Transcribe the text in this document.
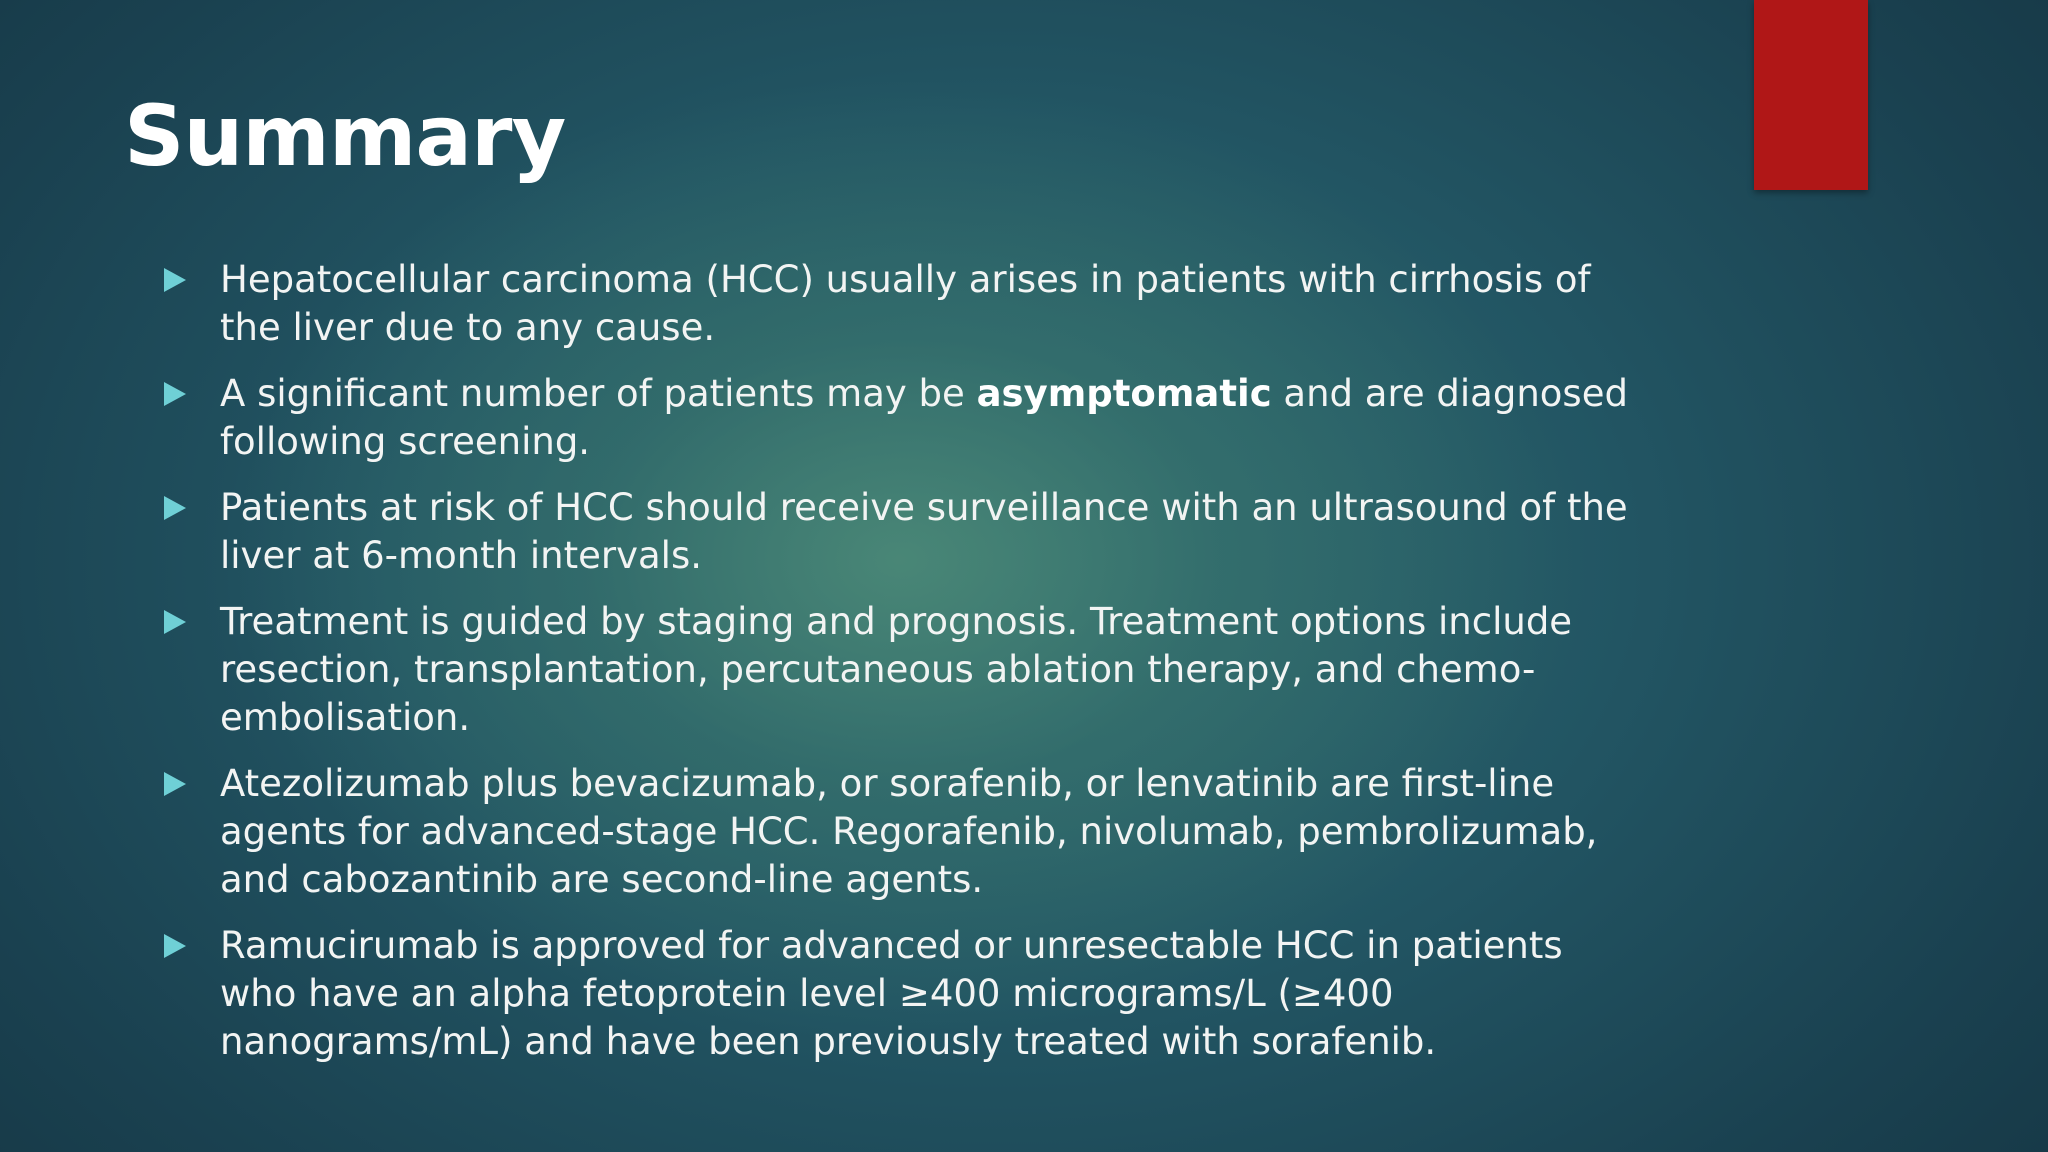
Summary
Hepatocellular carcinoma (HCC) usually arises in patients with cirrhosis of the liver due to any cause.
A significant number of patients may be asymptomatic and are diagnosed following screening.
Patients at risk of HCC should receive surveillance with an ultrasound of the liver at 6-month intervals.
Treatment is guided by staging and prognosis. Treatment options include resection, transplantation, percutaneous ablation therapy, and chemo-embolisation.
Atezolizumab plus bevacizumab, or sorafenib, or lenvatinib are first-line agents for advanced-stage HCC. Regorafenib, nivolumab, pembrolizumab, and cabozantinib are second-line agents.
Ramucirumab is approved for advanced or unresectable HCC in patients who have an alpha fetoprotein level ≥400 micrograms/L (≥400 nanograms/mL) and have been previously treated with sorafenib.
